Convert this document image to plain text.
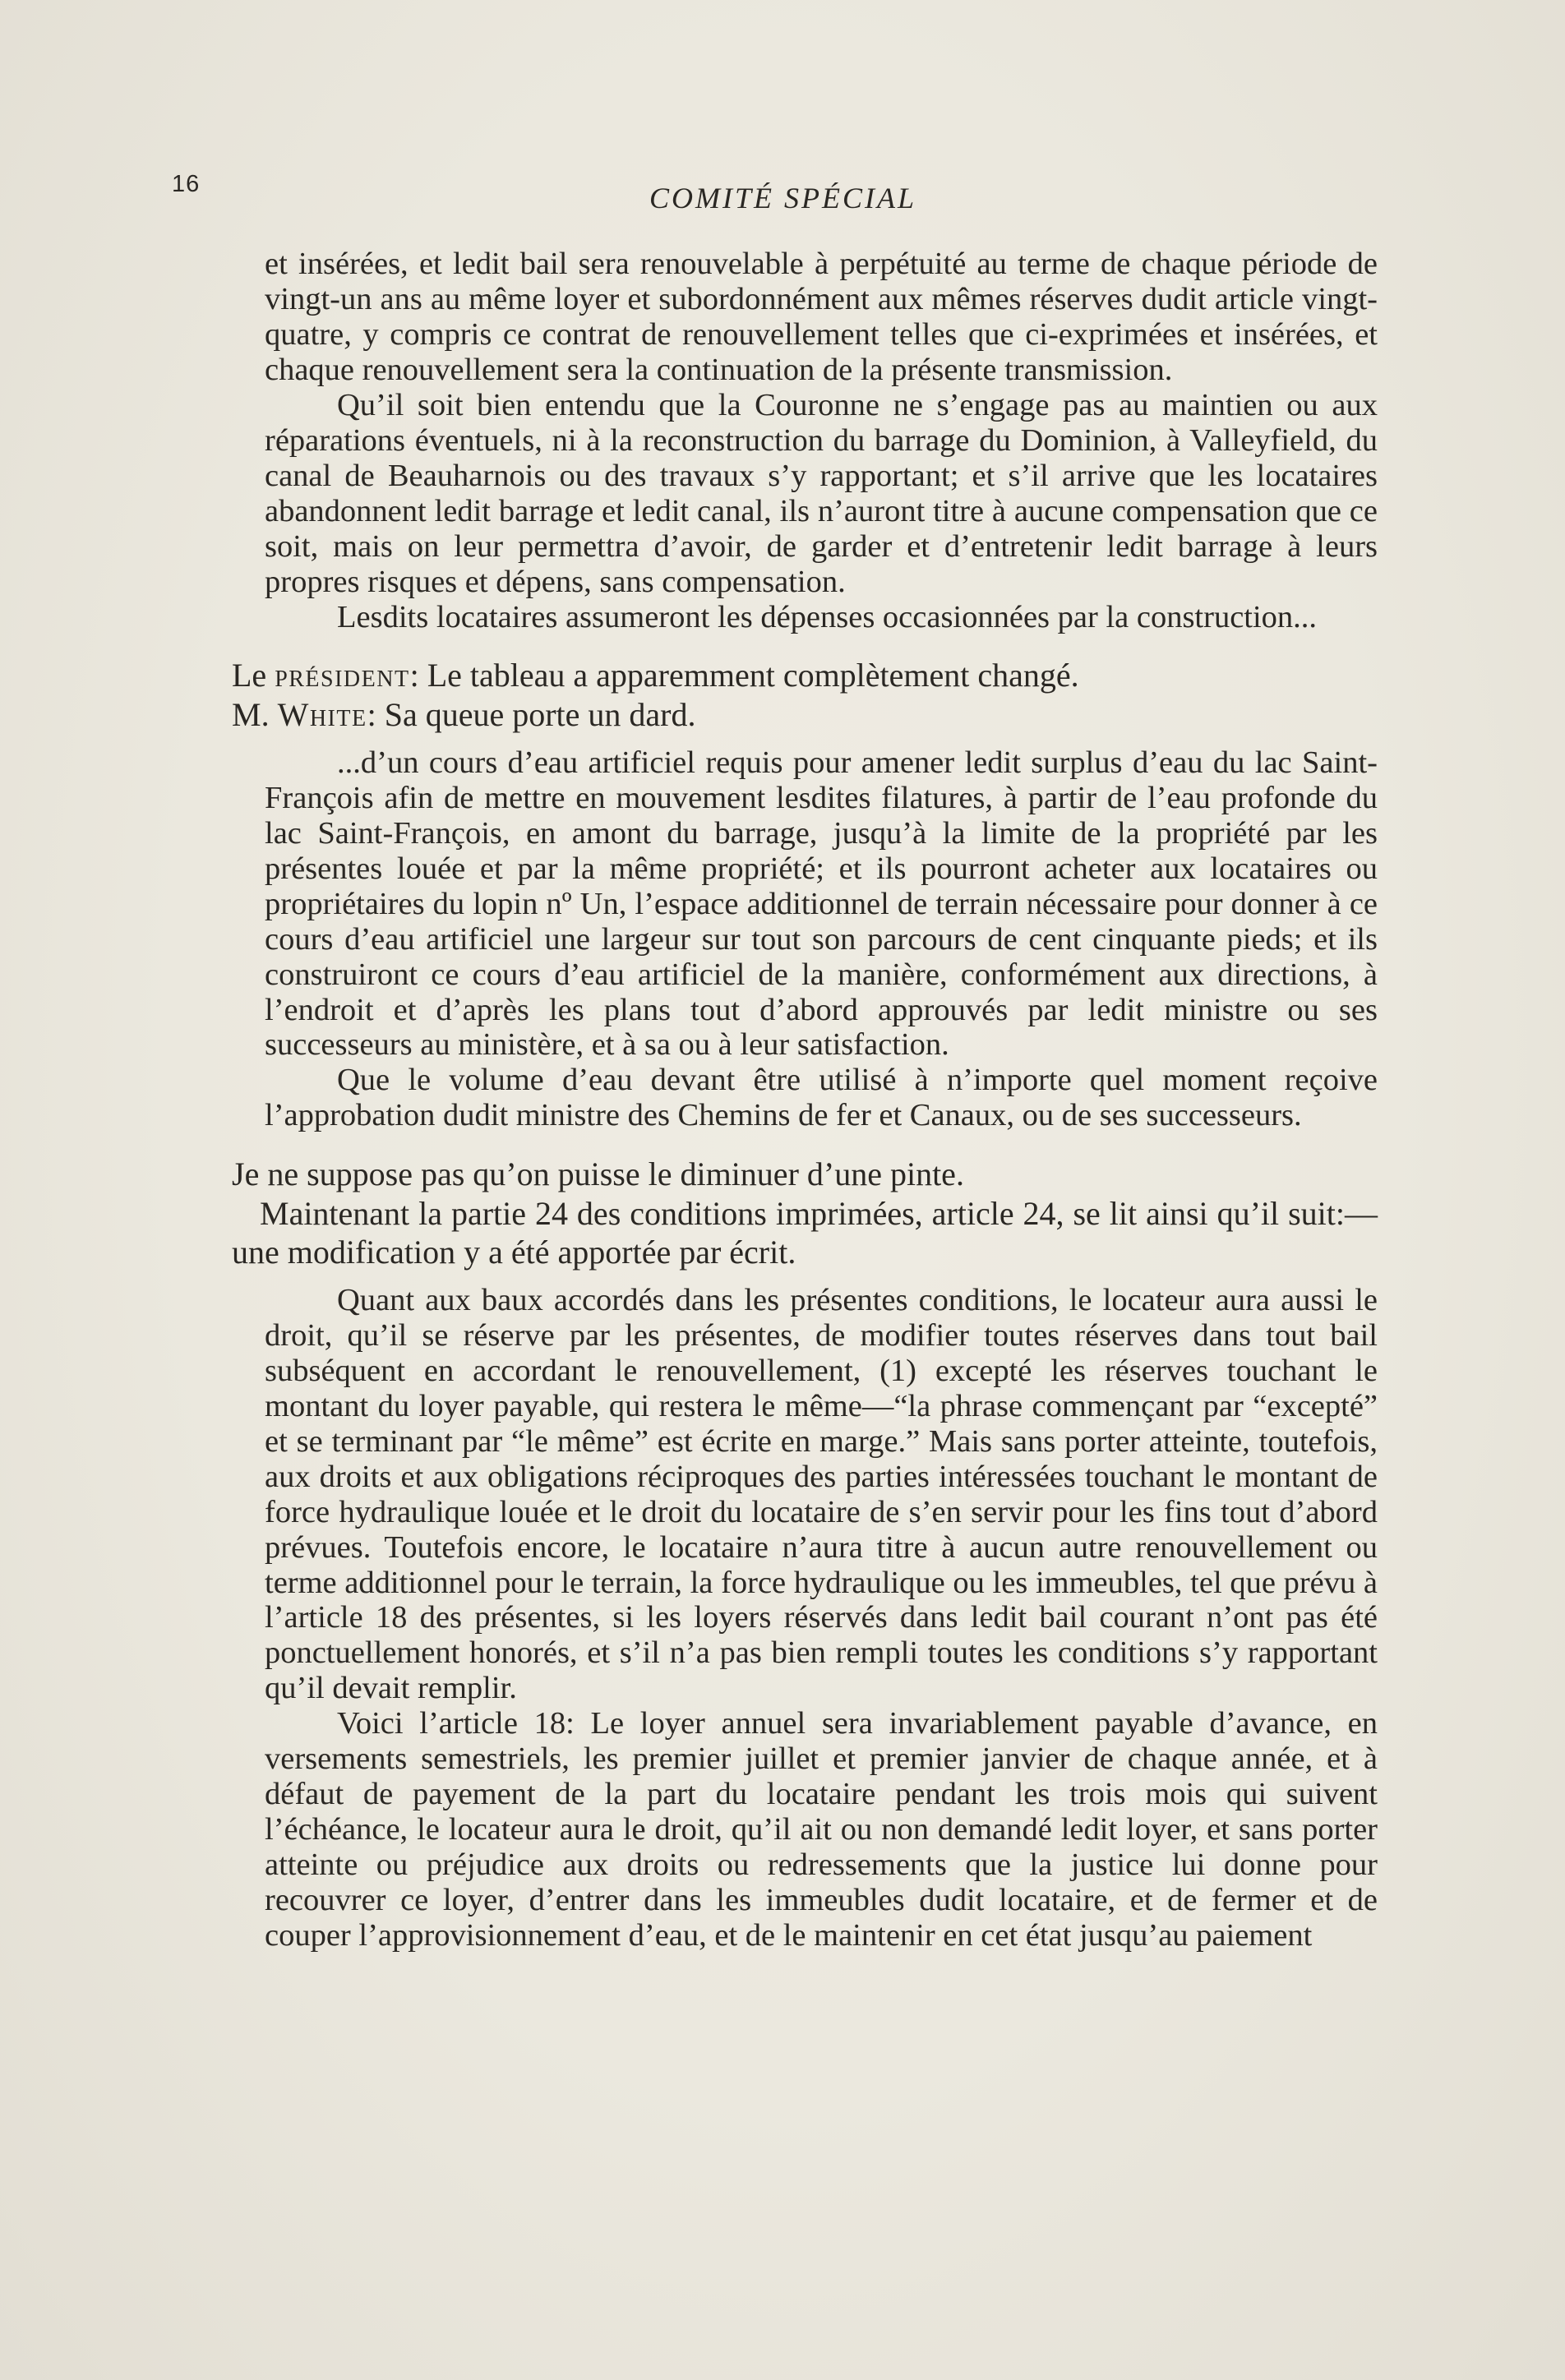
16	COMITÉ SPÉCIAL

et insérées, et ledit bail sera renouvelable à perpétuité au terme de chaque période de vingt-un ans au même loyer et subordonnément aux mêmes réserves dudit article vingt-quatre, y compris ce contrat de renouvellement telles que ci-exprimées et insérées, et chaque renouvellement sera la continuation de la présente transmission.

Qu’il soit bien entendu que la Couronne ne s’engage pas au maintien ou aux réparations éventuels, ni à la reconstruction du barrage du Dominion, à Valleyfield, du canal de Beauharnois ou des travaux s’y rapportant; et s’il arrive que les locataires abandonnent ledit barrage et ledit canal, ils n’auront titre à aucune compensation que ce soit, mais on leur permettra d’avoir, de garder et d’entretenir ledit barrage à leurs propres risques et dépens, sans compensation.

Lesdits locataires assumeront les dépenses occasionnées par la construction...

Le président: Le tableau a apparemment complètement changé.

M. White: Sa queue porte un dard.

...d’un cours d’eau artificiel requis pour amener ledit surplus d’eau du lac Saint-François afin de mettre en mouvement lesdites filatures, à partir de l’eau profonde du lac Saint-François, en amont du barrage, jusqu’à la limite de la propriété par les présentes louée et par la même propriété; et ils pourront acheter aux locataires ou propriétaires du lopin nº Un, l’espace additionnel de terrain nécessaire pour donner à ce cours d’eau artificiel une largeur sur tout son parcours de cent cinquante pieds; et ils construiront ce cours d’eau artificiel de la manière, conformément aux directions, à l’endroit et d’après les plans tout d’abord approuvés par ledit ministre ou ses successeurs au ministère, et à sa ou à leur satisfaction.

Que le volume d’eau devant être utilisé à n’importe quel moment reçoive l’approbation dudit ministre des Chemins de fer et Canaux, ou de ses successeurs.

Je ne suppose pas qu’on puisse le diminuer d’une pinte.

Maintenant la partie 24 des conditions imprimées, article 24, se lit ainsi qu’il suit:—une modification y a été apportée par écrit.

Quant aux baux accordés dans les présentes conditions, le locateur aura aussi le droit, qu’il se réserve par les présentes, de modifier toutes réserves dans tout bail subséquent en accordant le renouvellement, (1) excepté les réserves touchant le montant du loyer payable, qui restera le même—“la phrase commençant par “excepté” et se terminant par “le même” est écrite en marge.” Mais sans porter atteinte, toutefois, aux droits et aux obligations réciproques des parties intéressées touchant le montant de force hydraulique louée et le droit du locataire de s’en servir pour les fins tout d’abord prévues. Toutefois encore, le locataire n’aura titre à aucun autre renouvellement ou terme additionnel pour le terrain, la force hydraulique ou les immeubles, tel que prévu à l’article 18 des présentes, si les loyers réservés dans ledit bail courant n’ont pas été ponctuellement honorés, et s’il n’a pas bien rempli toutes les conditions s’y rapportant qu’il devait remplir.

Voici l’article 18: Le loyer annuel sera invariablement payable d’avance, en versements semestriels, les premier juillet et premier janvier de chaque année, et à défaut de payement de la part du locataire pendant les trois mois qui suivent l’échéance, le locateur aura le droit, qu’il ait ou non demandé ledit loyer, et sans porter atteinte ou préjudice aux droits ou redressements que la justice lui donne pour recouvrer ce loyer, d’entrer dans les immeubles dudit locataire, et de fermer et de couper l’approvisionnement d’eau, et de le maintenir en cet état jusqu’au paiement
